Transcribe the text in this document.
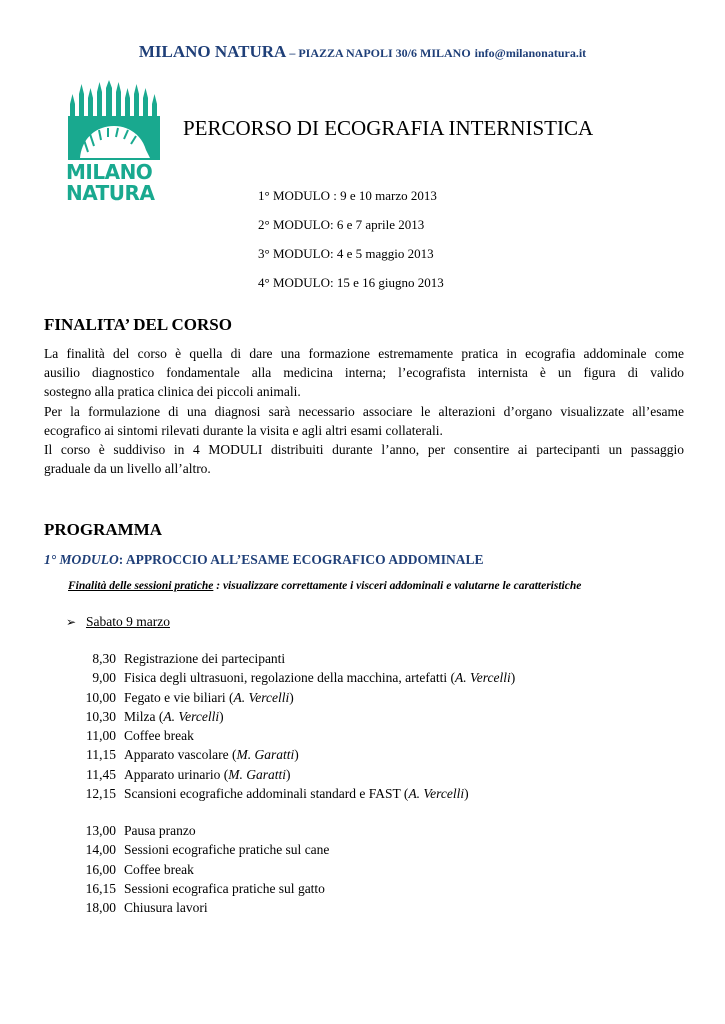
MILANO NATURA – PIAZZA NAPOLI 30/6 MILANO info@milanonatura.it
MILANO
NATURA
PERCORSO DI ECOGRAFIA INTERNISTICA
1° MODULO : 9 e 10 marzo 2013
2° MODULO: 6 e 7 aprile 2013
3° MODULO: 4 e 5 maggio 2013
4° MODULO: 15 e 16 giugno 2013
FINALITA’ DEL CORSO
La finalità del corso è quella di dare una formazione estremamente pratica in ecografia addominale come
ausilio diagnostico fondamentale alla medicina interna; l’ecografista internista è un figura di valido
sostegno alla pratica clinica dei piccoli animali.
Per la formulazione di una diagnosi sarà necessario associare le alterazioni d’organo visualizzate all’esame
ecografico ai sintomi rilevati durante la visita e agli altri esami collaterali.
Il corso è suddiviso in 4 MODULI distribuiti durante l’anno, per consentire ai partecipanti un passaggio
graduale da un livello all’altro.
PROGRAMMA
1° MODULO: APPROCCIO ALL’ESAME ECOGRAFICO ADDOMINALE
Finalità delle sessioni pratiche : visualizzare correttamente i visceri addominali e valutarne le caratteristiche
➢ Sabato 9 marzo
8,30 Registrazione dei partecipanti
9,00 Fisica degli ultrasuoni, regolazione della macchina, artefatti (A. Vercelli)
10,00 Fegato e vie biliari (A. Vercelli)
10,30 Milza (A. Vercelli)
11,00 Coffee break
11,15 Apparato vascolare (M. Garatti)
11,45 Apparato urinario (M. Garatti)
12,15 Scansioni ecografiche addominali standard e FAST (A. Vercelli)
13,00 Pausa pranzo
14,00 Sessioni ecografiche pratiche sul cane
16,00 Coffee break
16,15 Sessioni ecografica pratiche sul gatto
18,00 Chiusura lavori
